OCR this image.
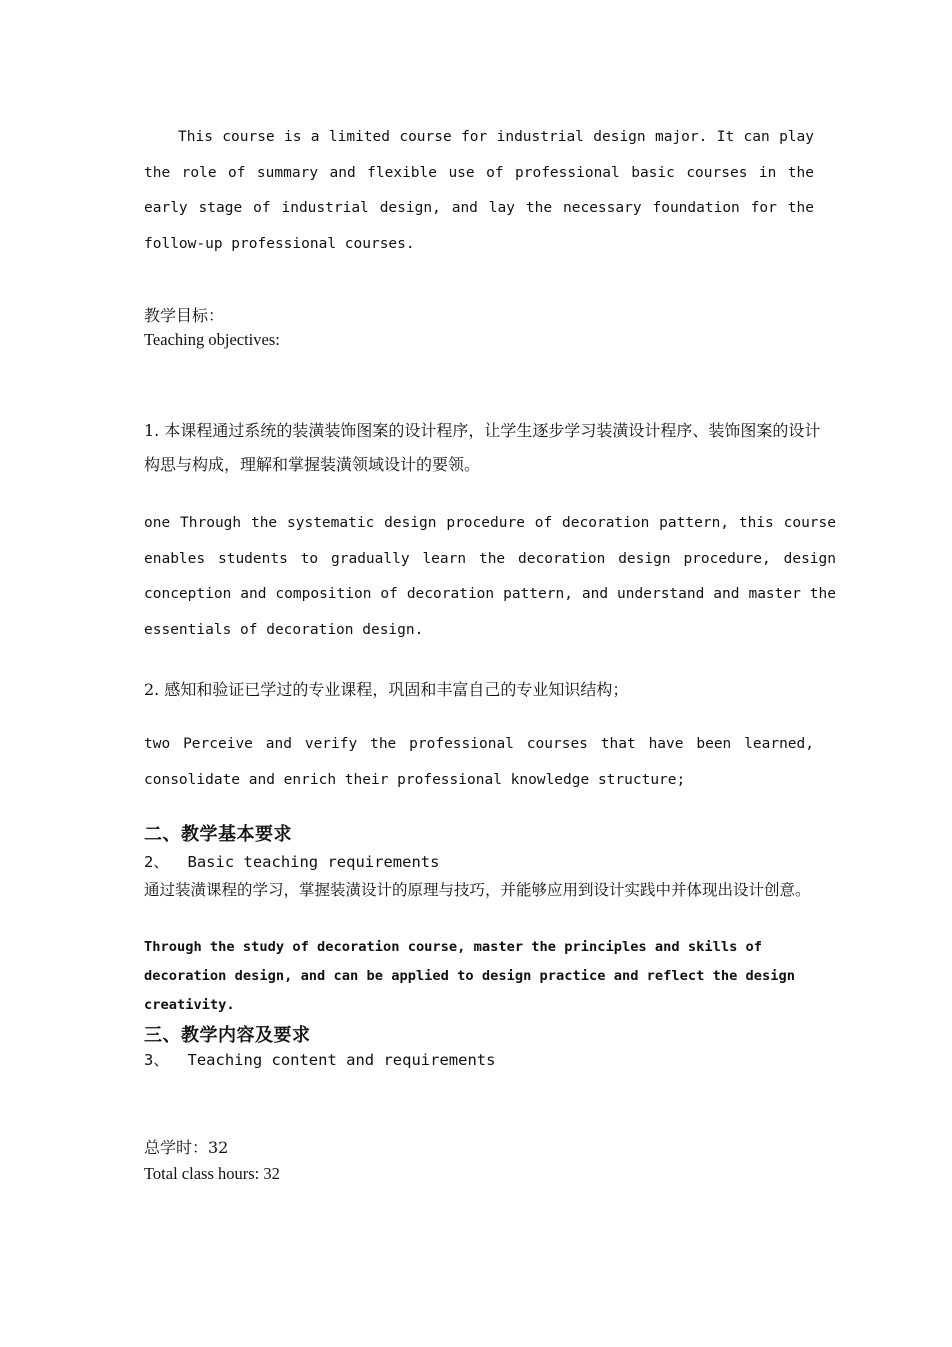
This course is a limited course for industrial design major. It can play the role of summary and flexible use of professional basic courses in the early stage of industrial design, and lay the necessary foundation for the follow-up professional courses.

教学目标：

Teaching objectives:

1. 本课程通过系统的装潢装饰图案的设计程序，让学生逐步学习装潢设计程序、装饰图案的设计构思与构成，理解和掌握装潢领域设计的要领。

one Through the systematic design procedure of decoration pattern, this course enables students to gradually learn the decoration design procedure, design conception and composition of decoration pattern, and understand and master the essentials of decoration design.

2. 感知和验证已学过的专业课程，巩固和丰富自己的专业知识结构；

two Perceive and verify the professional courses that have been learned, consolidate and enrich their professional knowledge structure;

二、教学基本要求

2、  Basic teaching requirements

通过装潢课程的学习，掌握装潢设计的原理与技巧，并能够应用到设计实践中并体现出设计创意。

Through the study of decoration course, master the principles and skills of decoration design, and can be applied to design practice and reflect the design creativity.

三、教学内容及要求

3、  Teaching content and requirements

总学时：32

Total class hours: 32
